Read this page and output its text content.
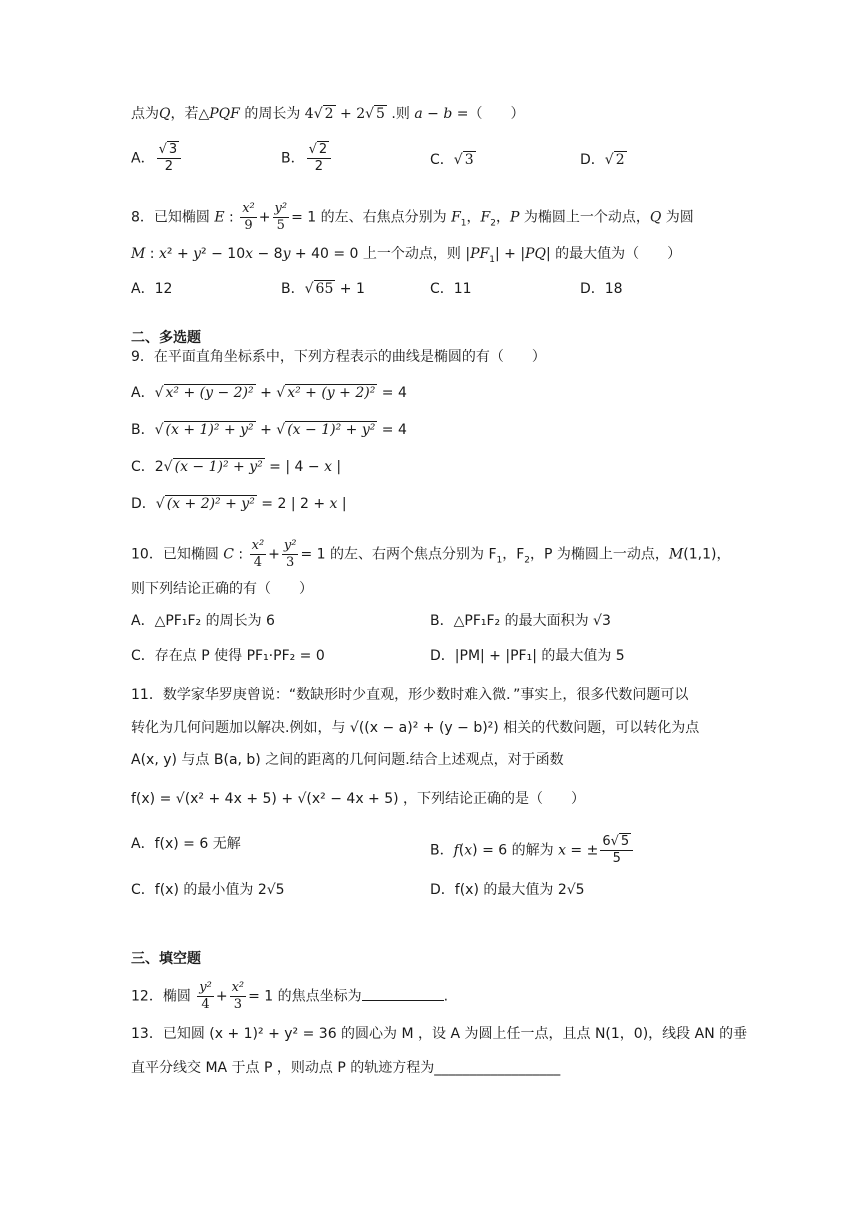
点为Q，若△PQF 的周长为 4√ 2 + 2√ 5 .则 a − b =（　　）
A． $\frac{√ 3}{2}$	B． $\frac{√ 2}{2}$	C．√ 3	D．√ 2
8．已知椭圆 E : $\frac{\text{x²}}{9} + \frac{\text{y²}}{5} = 1$ 的左、右焦点分别为 $F_1$，$F_2$，P 为椭圆上一个动点，Q 为圆
M : x² + y² − 10x − 8y + 40 = 0 上一个动点，则 $|PF_1| + |PQ|$ 的最大值为（　　）
A．12	B．√ 65 + 1	C．11	D．18
二、多选题
9．在平面直角坐标系中，下列方程表示的曲线是椭圆的有（　　）
A．√ x² + (y − 2)² + √ x² + (y + 2)² = 4
B．√ (x + 1)² + y² + √ (x − 1)² + y² = 4
C．2√ (x − 1)² + y² = | 4 − x |
D．√ (x + 2)² + y² = 2 | 2 + x |
10．已知椭圆 C : $\frac{\text{x²}}{4} + \frac{\text{y²}}{3} = 1$ 的左、右两个焦点分别为 $F_1$，$F_2$，P 为椭圆上一动点，M(1,1)，
则下列结论正确的有（　　）
A．△PF₁F₂ 的周长为 6	B．△PF₁F₂ 的最大面积为 √3
C．存在点 P 使得 PF₁·PF₂ = 0	D．|PM| + |PF₁| 的最大值为 5
11．数学家华罗庚曾说：“数缺形时少直观，形少数时难入微．”事实上，很多代数问题可以
转化为几何问题加以解决.例如，与 √((x − a)² + (y − b)²) 相关的代数问题，可以转化为点
A(x, y) 与点 B(a, b) 之间的距离的几何问题.结合上述观点，对于函数
f(x) = √(x² + 4x + 5) + √(x² − 4x + 5) ，下列结论正确的是（　　）
A．f(x) = 6 无解	B．f(x) = 6 的解为 x = ± $\frac{6√ 5}{5}$
C．f(x) 的最小值为 2√5	D．f(x) 的最大值为 2√5
三、填空题
12．椭圆 $\frac{\text{y²}}{4} + \frac{\text{x²}}{3} = 1$ 的焦点坐标为	.
13．已知圆 (x + 1)² + y² = 36 的圆心为 M ，设 A 为圆上任一点，且点 N(1，0)，线段 AN 的垂
直平分线交 MA 于点 P ，则动点 P 的轨迹方程为__________________
